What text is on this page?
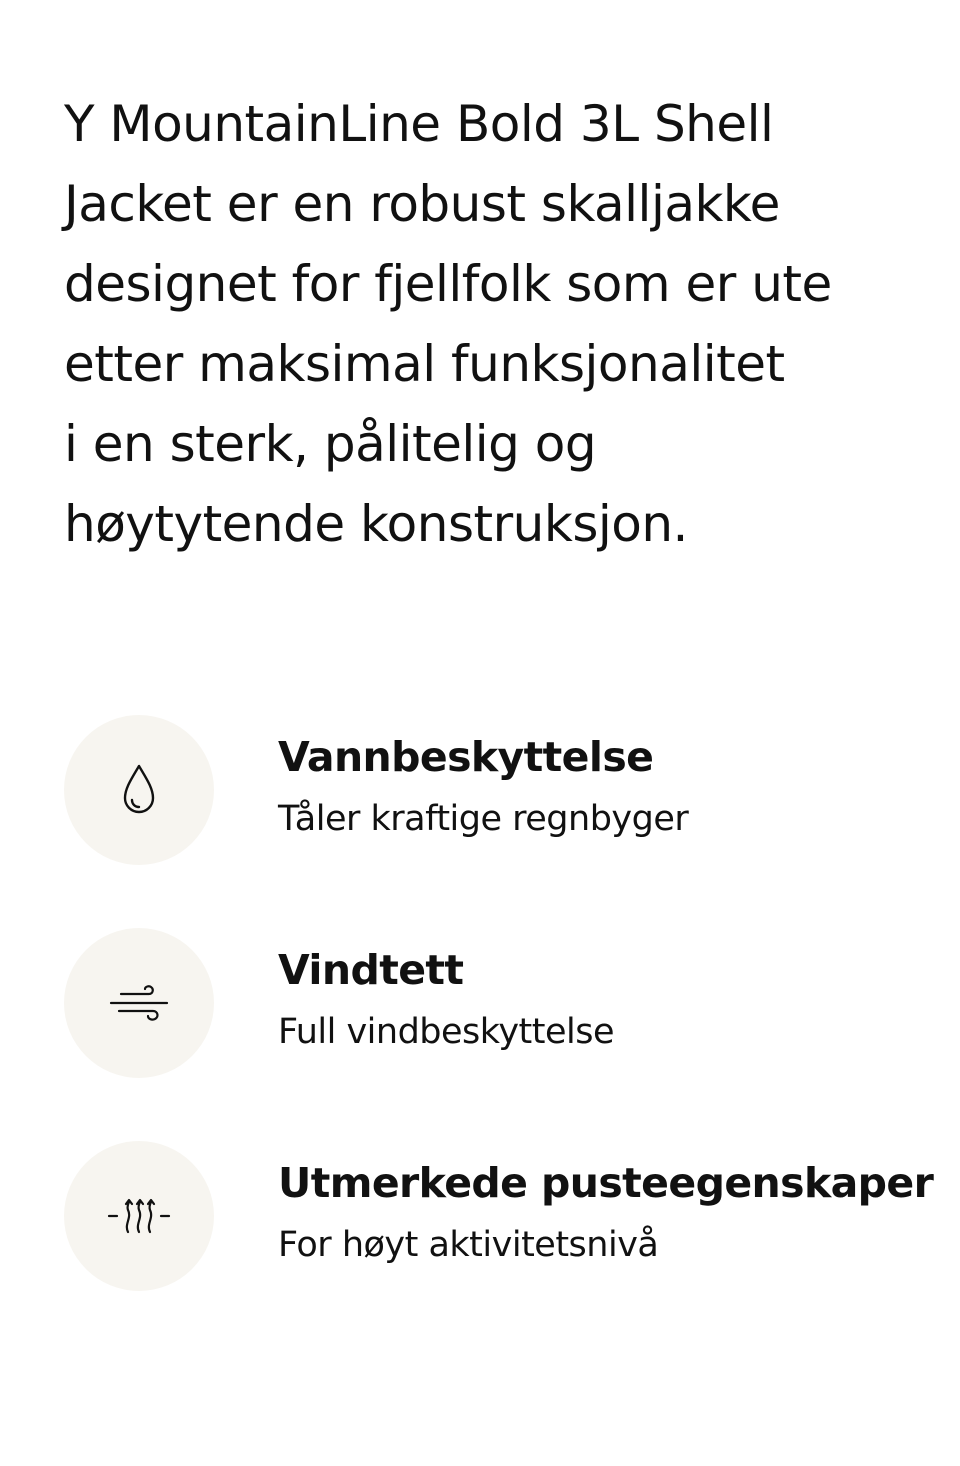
Y MountainLine Bold 3L Shell
Jacket er en robust skalljakke
designet for fjellfolk som er ute
etter maksimal funksjonalitet
i en sterk, pålitelig og
høytytende konstruksjon.
Vannbeskyttelse
Tåler kraftige regnbyger
Vindtett
Full vindbeskyttelse
Utmerkede pusteegenskaper
For høyt aktivitetsnivå
